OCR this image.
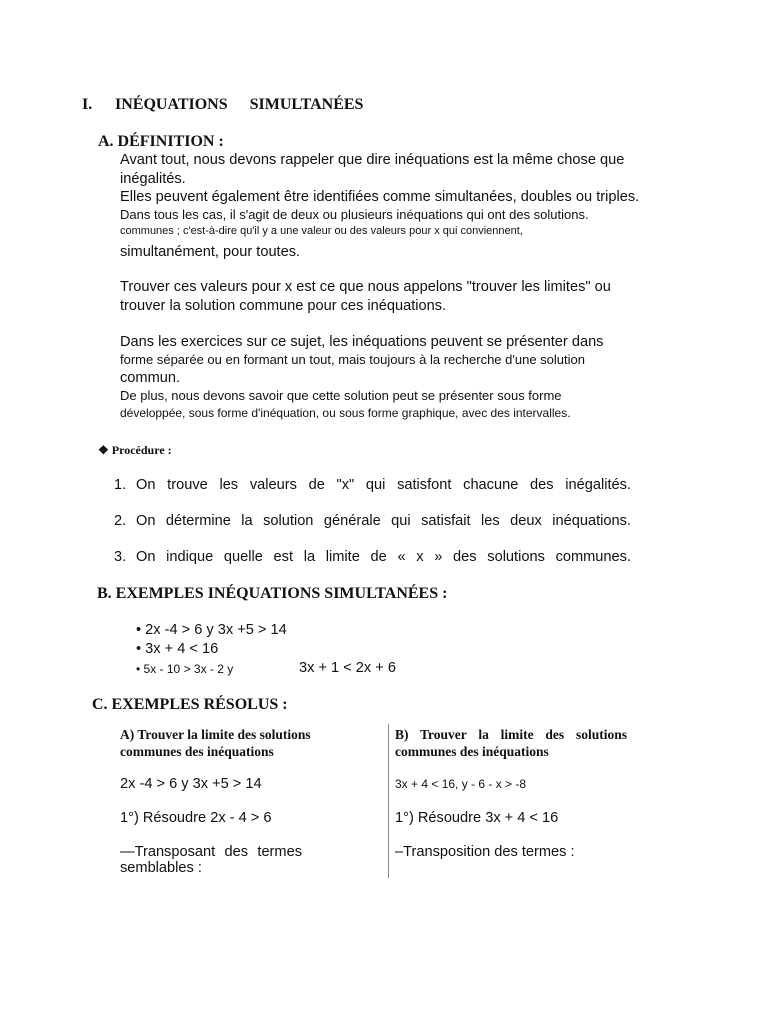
I. INÉQUATIONS SIMULTANÉES
A. DÉFINITION :
Avant tout, nous devons rappeler que dire inéquations est la même chose que
inégalités.
Elles peuvent également être identifiées comme simultanées, doubles ou triples.
Dans tous les cas, il s'agit de deux ou plusieurs inéquations qui ont des solutions.
communes ; c'est-à-dire qu'il y a une valeur ou des valeurs pour x qui conviennent,
simultanément, pour toutes.
Trouver ces valeurs pour x est ce que nous appelons "trouver les limites" ou
trouver la solution commune pour ces inéquations.
Dans les exercices sur ce sujet, les inéquations peuvent se présenter dans
forme séparée ou en formant un tout, mais toujours à la recherche d'une solution
commun.
De plus, nous devons savoir que cette solution peut se présenter sous forme
développée, sous forme d'inéquation, ou sous forme graphique, avec des intervalles.
❖ Procédure :
1. On trouve les valeurs de "x" qui satisfont chacune des inégalités.
2. On détermine la solution générale qui satisfait les deux inéquations.
3. On indique quelle est la limite de « x » des solutions communes.
B. EXEMPLES INÉQUATIONS SIMULTANÉES :
• 2x -4 > 6 y 3x +5 > 14
• 3x + 4 < 16
• 5x - 10 > 3x - 2 y	3x + 1 < 2x + 6
C. EXEMPLES RÉSOLUS :
A) Trouver la limite des solutions
communes des inéquations
2x -4 > 6 y 3x +5 > 14
1°) Résoudre 2x - 4 > 6
—Transposant des termes
semblables :
B) Trouver la limite des solutions
communes des inéquations
3x + 4 < 16, y - 6 - x > -8
1°) Résoudre 3x + 4 < 16
–Transposition des termes :
